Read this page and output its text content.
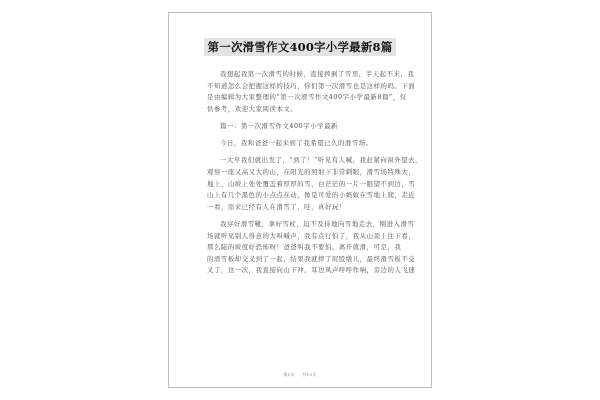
第一次滑雪作文400字小学最新8篇
我想起我第一次滑雪的时候，直接摔倒了雪里，半天起不来，我
不知道怎么会把握这样的技巧，你们第一次滑雪也是这样的吗。下面
是由编辑为大家整理的“第一次滑雪作文400字小学最新8篇”，仅
供参考，欢迎大家阅读本文。
篇一：第一次滑雪作文400字小学最新
今日，我和爸爸一起来到了我希望已久的滑雪场。
一大早我们就出发了，“到了！”听见有人喊，我赶紧向窗外望去，
观察一座又高又大的山，在阳光的照射下非常刺眼，滑雪场特殊大，
地上、山坡上处处覆盖着厚厚的雪，白茫茫的一片一眼望不到边，雪
山上有几个黑色的小点点在动，像是可爱的小蚂蚁在雪地上爬，走近
一看，原来已经有人在滑雪了，哇，真好玩！
我穿好滑雪靴，拿好雪杖，迫不及待地向雪地走去，刚进入滑雪
场就听见别人得意的大叫喊声，我有点行怕了，我从山顶上往下看，
那么陡的坡度好恐怖呀！爸爸叫我不要怕，离开就滑，可是，我
的滑雪板却交叉到了一起，结果我就摔了屁股墩儿，最终滑雪板不交
叉了，这一次，我直接向山下冲，耳边风声呼呼作响，旁边的人飞速
第1页 共10页
